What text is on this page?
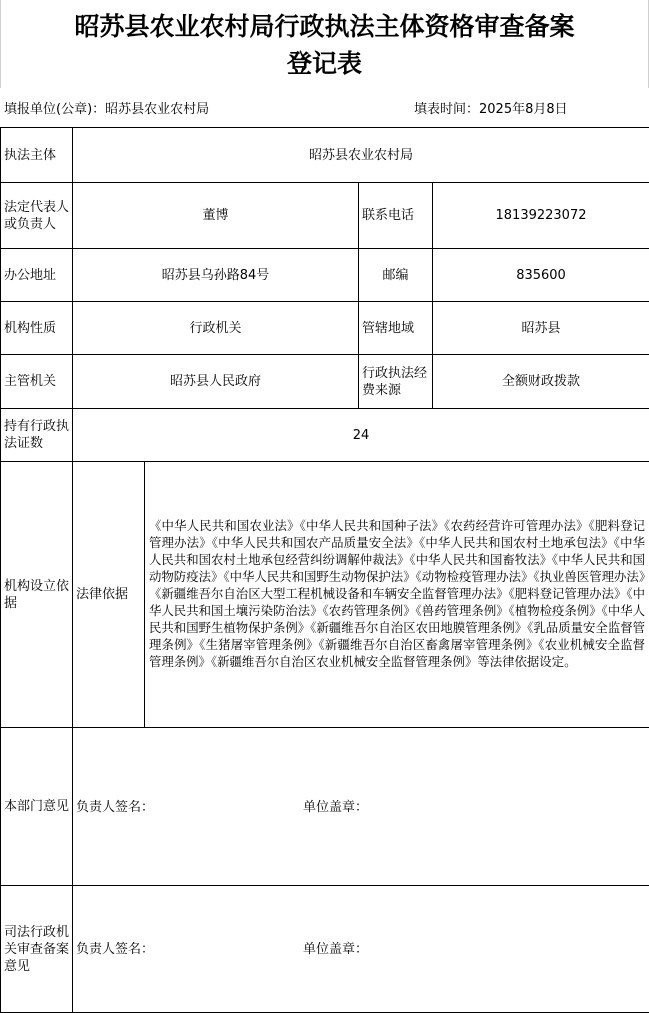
昭苏县农业农村局行政执法主体资格审查备案
登记表
填报单位(公章)：昭苏县农业农村局	填表时间：2025年8月8日
执法主体	昭苏县农业农村局			
法定代表人或负责人	董博		联系电话	18139223072
办公地址	昭苏县乌孙路84号		邮编	835600
机构性质	行政机关		管辖地域	昭苏县
主管机关	昭苏县人民政府		行政执法经费来源	全额财政拨款
持有行政执法证数	24			
机构设立依据	法律依据	《中华人民共和国农业法》《中华人民共和国种子法》《农药经营许可管理办法》《肥料登记管理办法》《中华人民共和国农产品质量安全法》《中华人民共和国农村土地承包法》《中华人民共和国农村土地承包经营纠纷调解仲裁法》《中华人民共和国畜牧法》《中华人民共和国动物防疫法》《中华人民共和国野生动物保护法》《动物检疫管理办法》《执业兽医管理办法》《新疆维吾尔自治区大型工程机械设备和车辆安全监督管理办法》《肥料登记管理办法》《中华人民共和国土壤污染防治法》《农药管理条例》《兽药管理条例》《植物检疫条例》《中华人民共和国野生植物保护条例》《新疆维吾尔自治区农田地膜管理条例》《乳品质量安全监督管理条例》《生猪屠宰管理条例》《新疆维吾尔自治区畜禽屠宰管理条例》《农业机械安全监督管理条例》《新疆维吾尔自治区农业机械安全监督管理条例》等法律依据设定。		
本部门意见	负责人签名： 单位盖章：			

司法行政机关审查备案意见	负责人签名： 单位盖章：			
